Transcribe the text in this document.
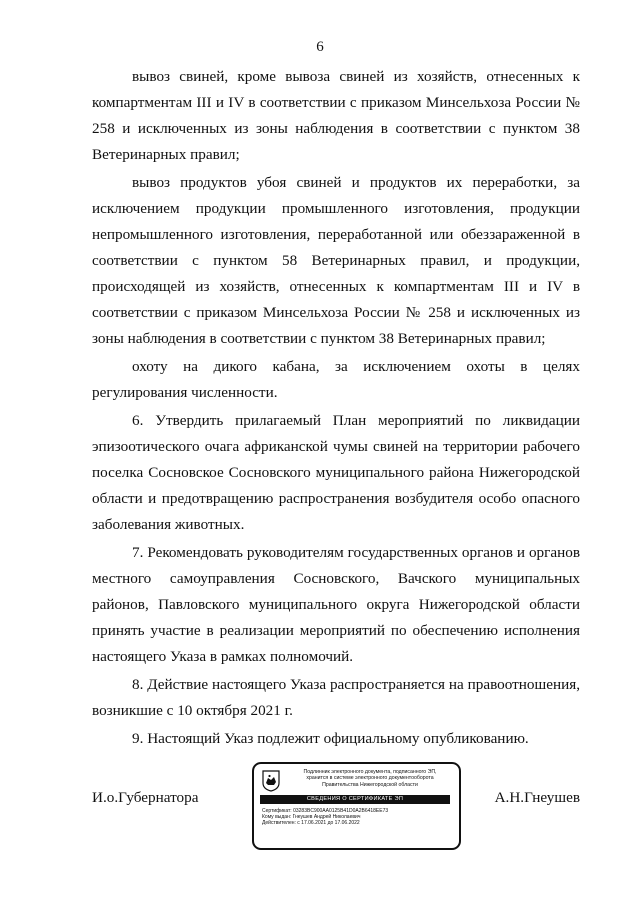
6

вывоз свиней, кроме вывоза свиней из хозяйств, отнесенных к компартментам III и IV в соответствии с приказом Минсельхоза России № 258 и исключенных из зоны наблюдения в соответствии с пунктом 38 Ветеринарных правил;

вывоз продуктов убоя свиней и продуктов их переработки, за исключением продукции промышленного изготовления, продукции непромышленного изготовления, переработанной или обеззараженной в соответствии с пунктом 58 Ветеринарных правил, и продукции, происходящей из хозяйств, отнесенных к компартментам III и IV в соответствии с приказом Минсельхоза России № 258 и исключенных из зоны наблюдения в соответствии с пунктом 38 Ветеринарных правил;

охоту на дикого кабана, за исключением охоты в целях регулирования численности.

6. Утвердить прилагаемый План мероприятий по ликвидации эпизоотического очага африканской чумы свиней на территории рабочего поселка Сосновское Сосновского муниципального района Нижегородской области и предотвращению распространения возбудителя особо опасного заболевания животных.

7. Рекомендовать руководителям государственных органов и органов местного самоуправления Сосновского, Вачского муниципальных районов, Павловского муниципального округа Нижегородской области принять участие в реализации мероприятий по обеспечению исполнения настоящего Указа в рамках полномочий.

8. Действие настоящего Указа распространяется на правоотношения, возникшие с 10 октября 2021 г.

9. Настоящий Указ подлежит официальному опубликованию.

И.о.Губернатора
Подлинник электронного документа, подписанного ЭП,
хранится в системе электронного документооборота
Правительства Нижегородской области
СВЕДЕНИЯ О СЕРТИФИКАТЕ ЭП
Сертификат: 03283BC900AA0125B41D0A2B6418EE73
Кому выдан: Гнеушев Андрей Николаевич
Действителен: с 17.06.2021 до 17.06.2022
А.Н.Гнеушев
